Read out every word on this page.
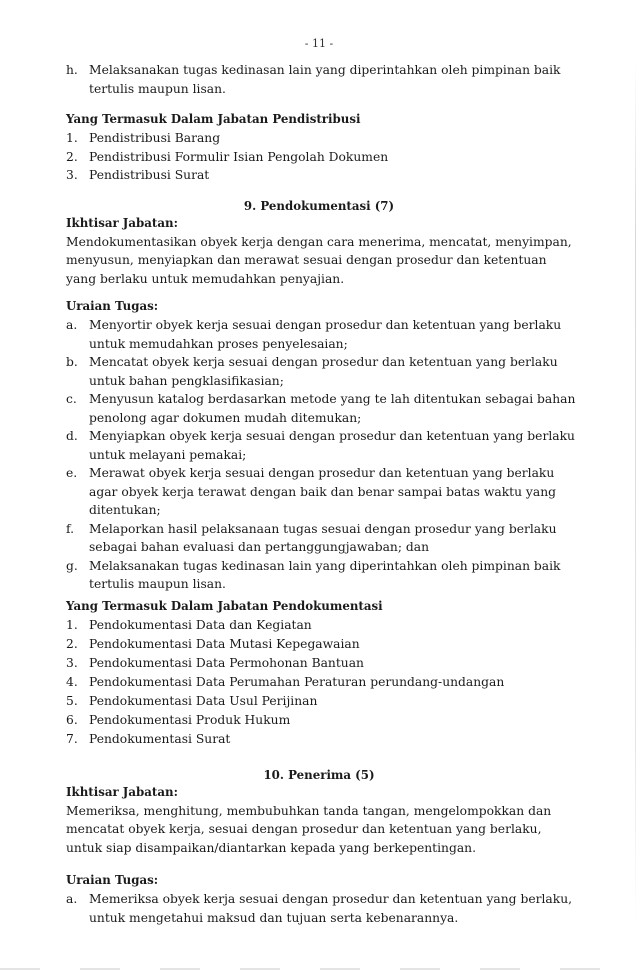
- 11 -
h. Melaksanakan tugas kedinasan lain yang diperintahkan oleh pimpinan baik
tertulis maupun lisan.
Yang Termasuk Dalam Jabatan Pendistribusi
1. Pendistribusi Barang
2. Pendistribusi Formulir Isian Pengolah Dokumen
3. Pendistribusi Surat
9. Pendokumentasi (7)
Ikhtisar Jabatan:
Mendokumentasikan obyek kerja dengan cara menerima, mencatat, menyimpan,
menyusun, menyiapkan dan merawat sesuai dengan prosedur dan ketentuan
yang berlaku untuk memudahkan penyajian.
Uraian Tugas:
a. Menyortir obyek kerja sesuai dengan prosedur dan ketentuan yang berlaku
untuk memudahkan proses penyelesaian;
b. Mencatat obyek kerja sesuai dengan prosedur dan ketentuan yang berlaku
untuk bahan pengklasifikasian;
c. Menyusun katalog berdasarkan metode yang te lah ditentukan sebagai bahan
penolong agar dokumen mudah ditemukan;
d. Menyiapkan obyek kerja sesuai dengan prosedur dan ketentuan yang berlaku
untuk melayani pemakai;
e. Merawat obyek kerja sesuai dengan prosedur dan ketentuan yang berlaku
agar obyek kerja terawat dengan baik dan benar sampai batas waktu yang
ditentukan;
f. Melaporkan hasil pelaksanaan tugas sesuai dengan prosedur yang berlaku
sebagai bahan evaluasi dan pertanggungjawaban; dan
g. Melaksanakan tugas kedinasan lain yang diperintahkan oleh pimpinan baik
tertulis maupun lisan.
Yang Termasuk Dalam Jabatan Pendokumentasi
1. Pendokumentasi Data dan Kegiatan
2. Pendokumentasi Data Mutasi Kepegawaian
3. Pendokumentasi Data Permohonan Bantuan
4. Pendokumentasi Data Perumahan Peraturan perundang-undangan
5. Pendokumentasi Data Usul Perijinan
6. Pendokumentasi Produk Hukum
7. Pendokumentasi Surat
10. Penerima (5)
Ikhtisar Jabatan:
Memeriksa, menghitung, membubuhkan tanda tangan, mengelompokkan dan
mencatat obyek kerja, sesuai dengan prosedur dan ketentuan yang berlaku,
untuk siap disampaikan/diantarkan kepada yang berkepentingan.
Uraian Tugas:
a. Memeriksa obyek kerja sesuai dengan prosedur dan ketentuan yang berlaku,
untuk mengetahui maksud dan tujuan serta kebenarannya.
